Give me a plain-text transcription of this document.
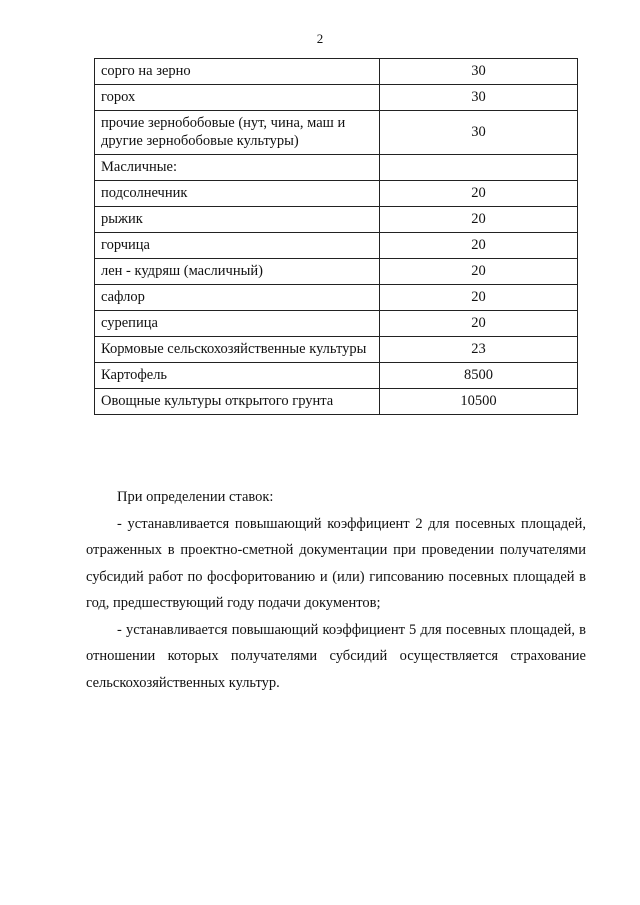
2
сорго на зерно	30
горох	30
прочие зернобобовые (нут, чина, маш и другие зернобобовые культуры)	30
Масличные:	
подсолнечник	20
рыжик	20
горчица	20
лен - кудряш (масличный)	20
сафлор	20
сурепица	20
Кормовые сельскохозяйственные культуры	23
Картофель	8500
Овощные культуры открытого грунта	10500

При определении ставок:

- устанавливается повышающий коэффициент 2 для посевных площадей, отраженных в проектно-сметной документации при проведении получателями субсидий работ по фосфоритованию и (или) гипсованию посевных площадей в год, предшествующий году подачи документов;

- устанавливается повышающий коэффициент 5 для посевных площадей, в отношении которых получателями субсидий осуществляется страхование сельскохозяйственных культур.
